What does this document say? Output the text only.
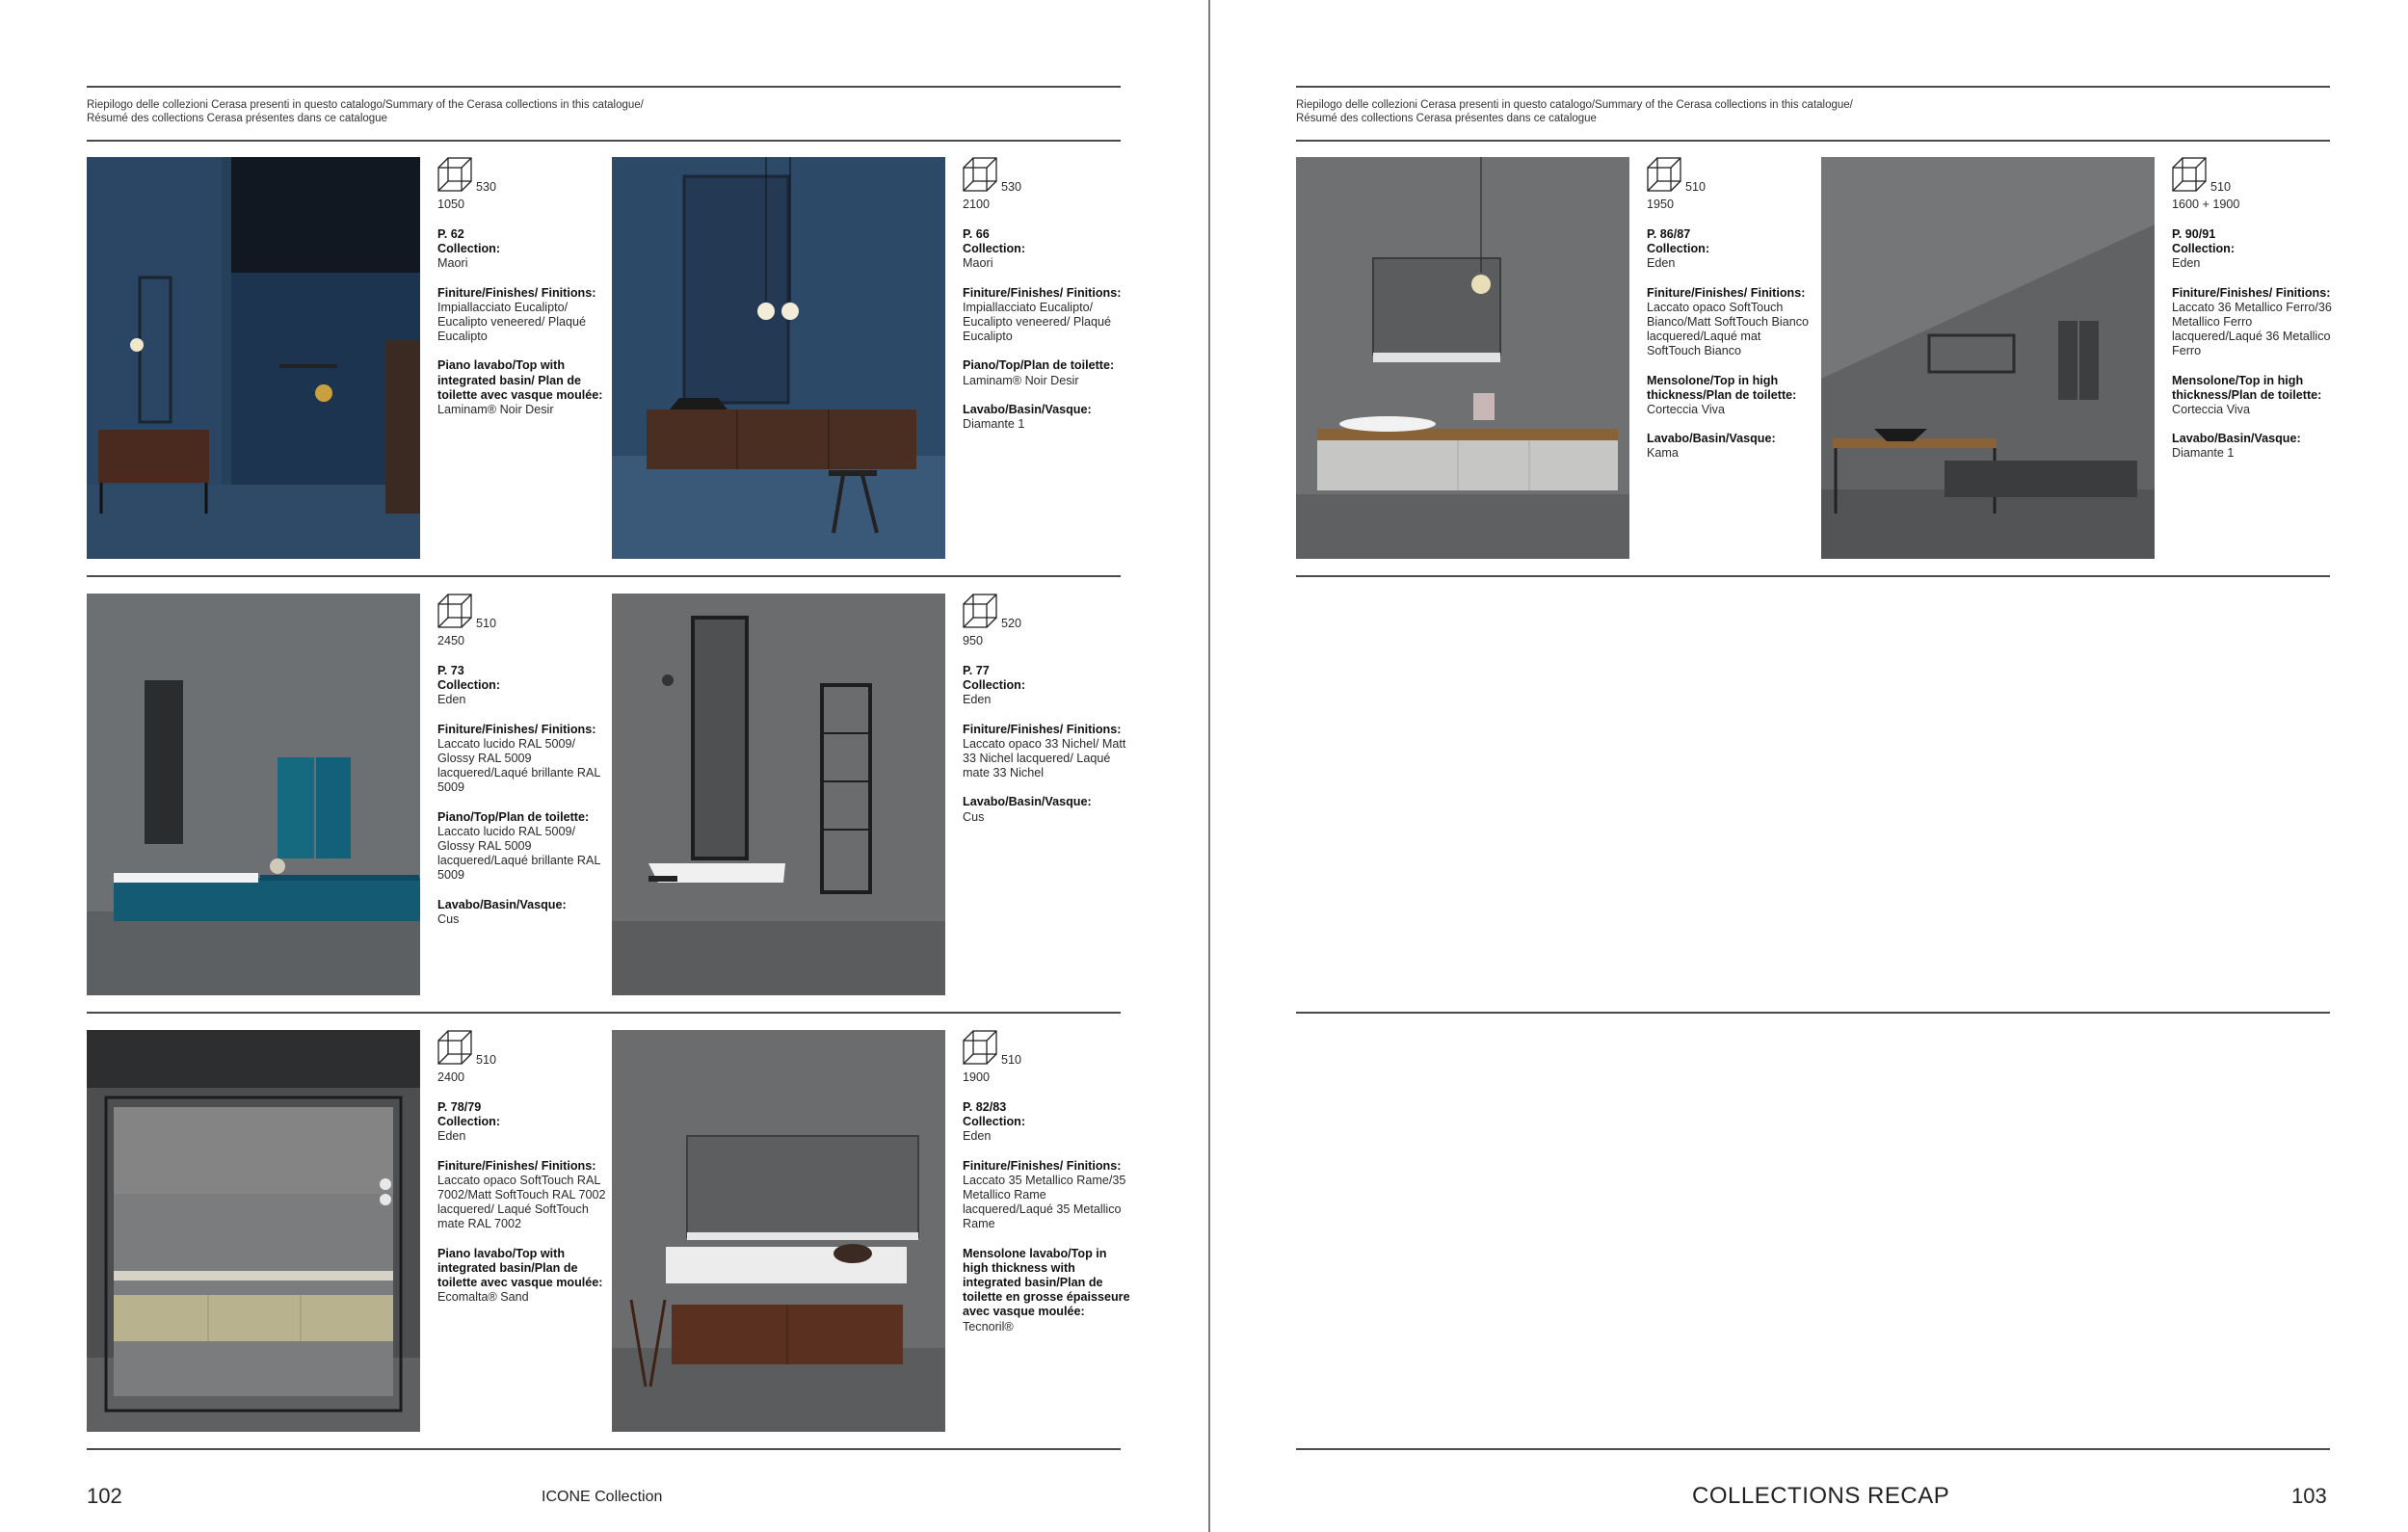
Riepilogo delle collezioni Cerasa presenti in questo catalogo/Summary of the Cerasa collections in this catalogue/
Résumé des collections Cerasa présentes dans ce catalogue
530
1050

P. 62
Collection:
Maori

Finiture/Finishes/ Finitions:
Impiallacciato Eucalipto/ Eucalipto veneered/ Plaqué Eucalipto

Piano lavabo/Top with integrated basin/ Plan de toilette avec vasque moulée:
Laminam® Noir Desir

530
2100

P. 66
Collection:
Maori

Finiture/Finishes/ Finitions:
Impiallacciato Eucalipto/ Eucalipto veneered/ Plaqué Eucalipto

Piano/Top/Plan de toilette:
Laminam® Noir Desir

Lavabo/Basin/Vasque:
Diamante 1

510
2450

P. 73
Collection:
Eden

Finiture/Finishes/ Finitions:
Laccato lucido RAL 5009/ Glossy RAL 5009 lacquered/Laqué brillante RAL 5009

Piano/Top/Plan de toilette:
Laccato lucido RAL 5009/ Glossy RAL 5009 lacquered/Laqué brillante RAL 5009

Lavabo/Basin/Vasque:
Cus

520
950

P. 77
Collection:
Eden

Finiture/Finishes/ Finitions:
Laccato opaco 33 Nichel/ Matt 33 Nichel lacquered/ Laqué mate 33 Nichel

Lavabo/Basin/Vasque:
Cus

510
2400

P. 78/79
Collection:
Eden

Finiture/Finishes/ Finitions:
Laccato opaco SoftTouch RAL 7002/Matt SoftTouch RAL 7002 lacquered/ Laqué SoftTouch mate RAL 7002

Piano lavabo/Top with integrated basin/Plan de toilette avec vasque moulée:
Ecomalta® Sand

510
1900

P. 82/83
Collection:
Eden

Finiture/Finishes/ Finitions:
Laccato 35 Metallico Rame/35 Metallico Rame lacquered/Laqué 35 Metallico Rame

Mensolone lavabo/Top in high thickness with integrated basin/Plan de toilette en grosse épaisseure avec vasque moulée:
Tecnoril®

102	ICONE Collection
Riepilogo delle collezioni Cerasa presenti in questo catalogo/Summary of the Cerasa collections in this catalogue/
Résumé des collections Cerasa présentes dans ce catalogue
510
1950

P. 86/87
Collection:
Eden

Finiture/Finishes/ Finitions:
Laccato opaco SoftTouch Bianco/Matt SoftTouch Bianco lacquered/Laqué mat SoftTouch Bianco

Mensolone/Top in high thickness/Plan de toilette:
Corteccia Viva

Lavabo/Basin/Vasque:
Kama

510
1600 + 1900

P. 90/91
Collection:
Eden

Finiture/Finishes/ Finitions:
Laccato 36 Metallico Ferro/36 Metallico Ferro lacquered/Laqué 36 Metallico Ferro

Mensolone/Top in high thickness/Plan de toilette:
Corteccia Viva

Lavabo/Basin/Vasque:
Diamante 1

COLLECTIONS RECAP	103
